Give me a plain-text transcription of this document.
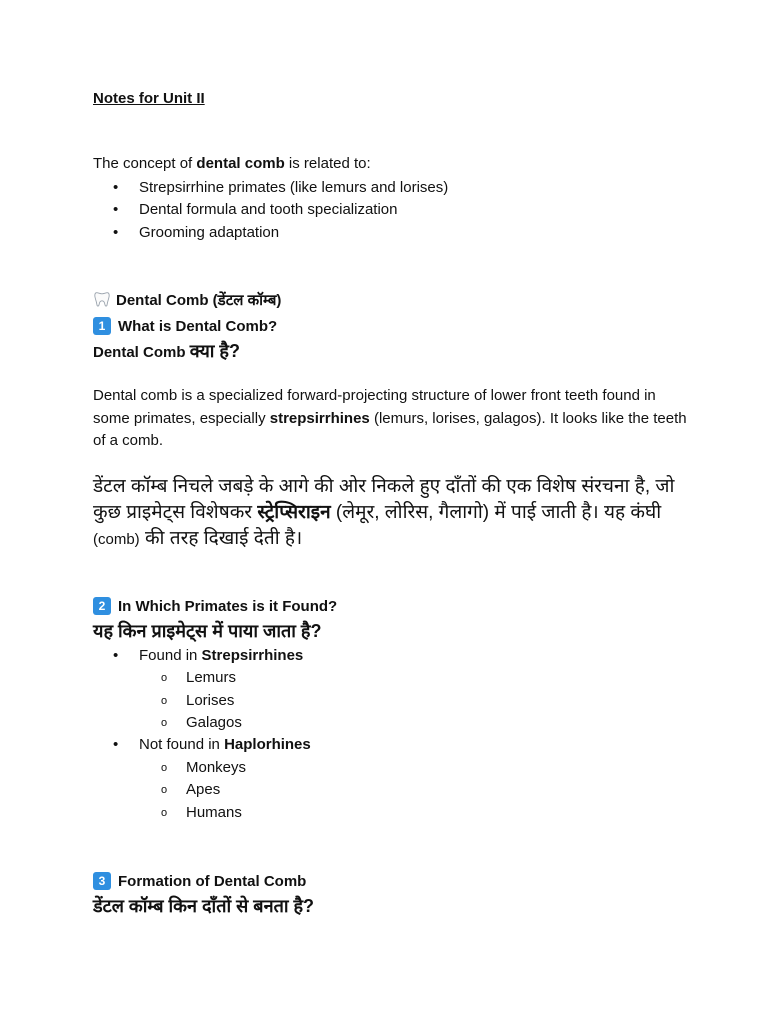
Notes for Unit II
The concept of dental comb is related to:
• Strepsirrhine primates (like lemurs and lorises)
• Dental formula and tooth specialization
• Grooming adaptation
Dental Comb (डेंटल कॉम्ब)
1 What is Dental Comb?
Dental Comb क्या है?
Dental comb is a specialized forward-projecting structure of lower front teeth found in some primates, especially strepsirrhines (lemurs, lorises, galagos). It looks like the teeth of a comb.
डेंटल कॉम्ब निचले जबड़े के आगे की ओर निकले हुए दाँतों की एक विशेष संरचना है, जो कुछ प्राइमेट्स विशेषकर स्ट्रेप्सिराइन (लेमूर, लोरिस, गैलागो) में पाई जाती है। यह कंघी (comb) की तरह दिखाई देती है।
2 In Which Primates is it Found?
यह किन प्राइमेट्स में पाया जाता है?
• Found in Strepsirrhines
o Lemurs
o Lorises
o Galagos
• Not found in Haplorhines
o Monkeys
o Apes
o Humans
3 Formation of Dental Comb
डेंटल कॉम्ब किन दाँतों से बनता है?
